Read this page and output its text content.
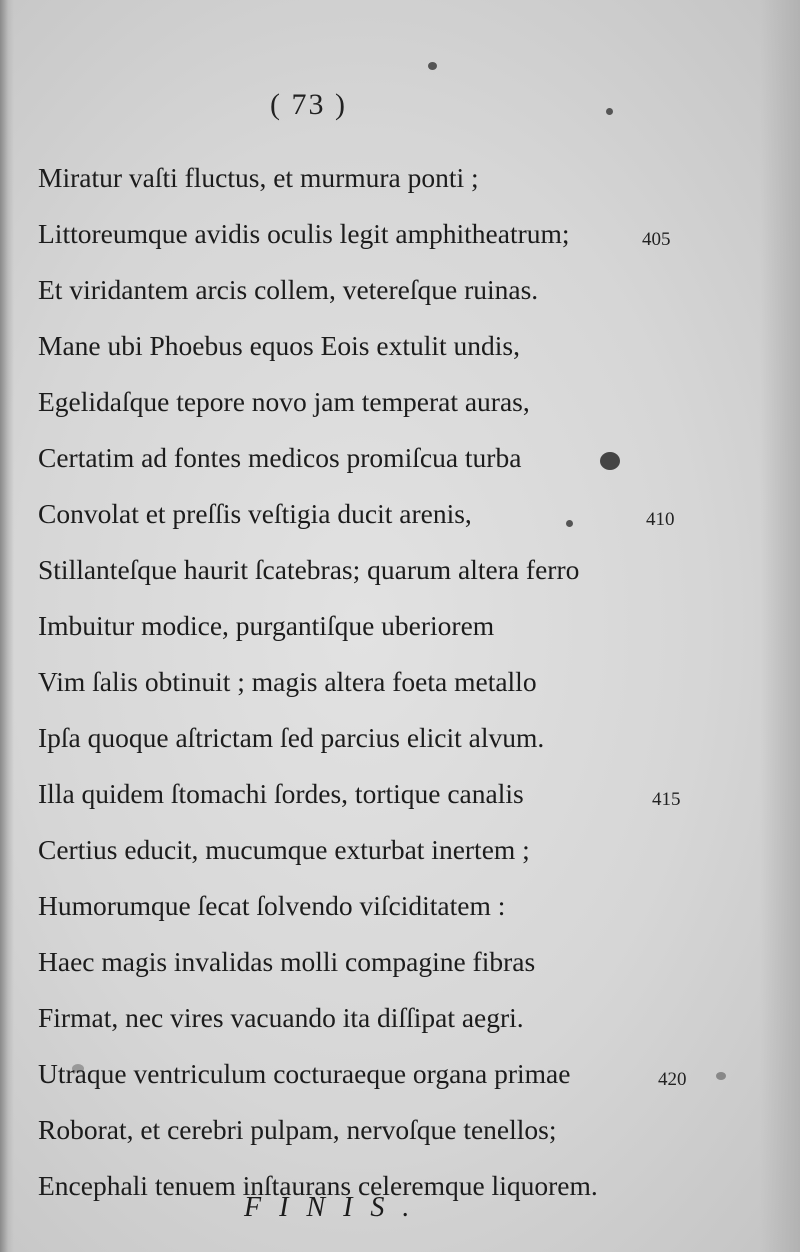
( 73 )
Miratur vaſti fluctus, et murmura ponti ;
Littoreumque avidis oculis legit amphitheatrum;	405
Et viridantem arcis collem, vetereſque ruinas.
Mane ubi Phoebus equos Eois extulit undis,
Egelidaſque tepore novo jam temperat auras,
Certatim ad fontes medicos promiſcua turba
Convolat et preſſis veſtigia ducit arenis,	410
Stillanteſque haurit ſcatebras; quarum altera ferro
Imbuitur modice, purgantiſque uberiorem
Vim ſalis obtinuit ; magis altera foeta metallo
Ipſa quoque aſtrictam ſed parcius elicit alvum.
Illa quidem ſtomachi ſordes, tortique canalis	415
Certius educit, mucumque exturbat inertem ;
Humorumque ſecat ſolvendo viſciditatem :
Haec magis invalidas molli compagine fibras
Firmat, nec vires vacuando ita diſſipat aegri.
Utraque ventriculum cocturaeque organa primae	420
Roborat, et cerebri pulpam, nervoſque tenellos;
Encephali tenuem inſtaurans celeremque liquorem.
FINIS.
